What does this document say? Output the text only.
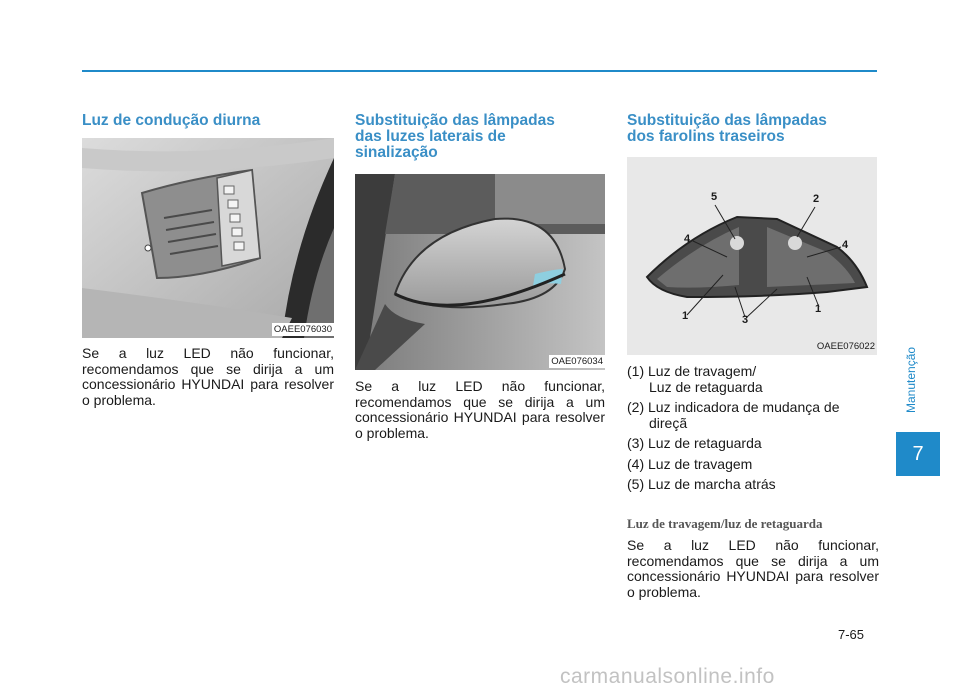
Manutenção
7
Luz de condução diurna
OAEE076030

Se a luz LED não funcionar, recomendamos que se dirija a um concessionário HYUNDAI para resolver o problema.

Substituição das lâmpadas
das luzes laterais de
sinalização
OAE076034

Se a luz LED não funcionar, recomendamos que se dirija a um concessionário HYUNDAI para resolver o problema.

Substituição das lâmpadas
dos farolins traseiros
5	2
4	4
1	3
1
OAEE076022
(1) Luz de travagem/
Luz de retaguarda
(2) Luz indicadora de mudança de
direçã
(3) Luz de retaguarda
(4) Luz de travagem
(5) Luz de marcha atrás
Luz de travagem/luz de retaguarda

Se a luz LED não funcionar, recomendamos que se dirija a um concessionário HYUNDAI para resolver o problema.

7-65
carmanualsonline.info
